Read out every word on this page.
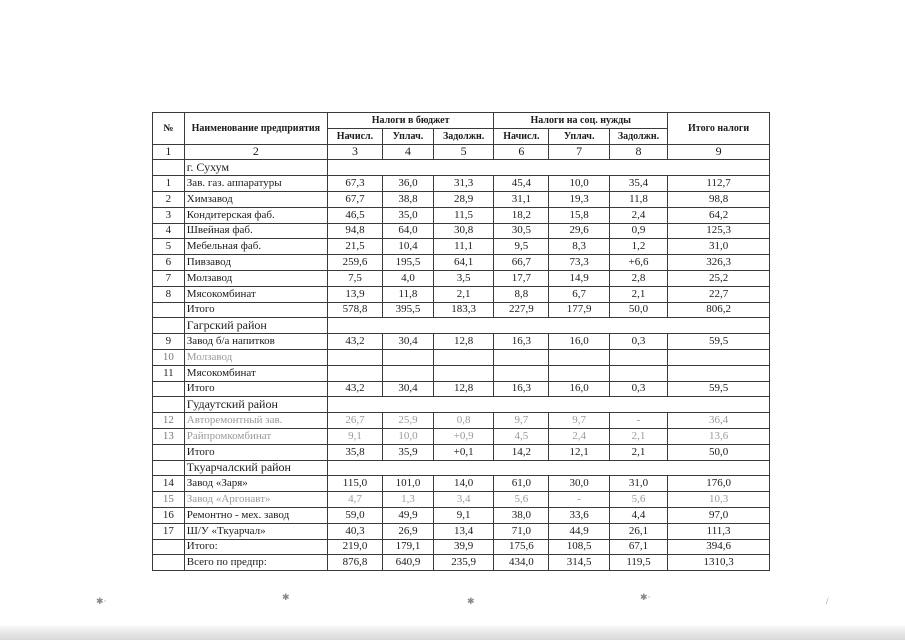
№	Наименование предприятия	Налоги в бюджет			Налоги на соц. нужды			Итого налоги
		Начисл.	Уплач.	Задолжн.	Начисл.	Уплач.	Задолжн.	
1	2	3	4	5	6	7	8	9
	г. Сухум							
1	Зав. газ. аппаратуры	67,3	36,0	31,3	45,4	10,0	35,4	112,7
2	Химзавод	67,7	38,8	28,9	31,1	19,3	11,8	98,8
3	Кондитерская фаб.	46,5	35,0	11,5	18,2	15,8	2,4	64,2
4	Швейная фаб.	94,8	64,0	30,8	30,5	29,6	0,9	125,3
5	Мебельная фаб.	21,5	10,4	11,1	9,5	8,3	1,2	31,0
6	Пивзавод	259,6	195,5	64,1	66,7	73,3	+6,6	326,3
7	Молзавод	7,5	4,0	3,5	17,7	14,9	2,8	25,2
8	Мясокомбинат	13,9	11,8	2,1	8,8	6,7	2,1	22,7
	Итого	578,8	395,5	183,3	227,9	177,9	50,0	806,2
	Гагрский район							
9	Завод б/а напитков	43,2	30,4	12,8	16,3	16,0	0,3	59,5
10	Молзавод							
11	Мясокомбинат							
	Итого	43,2	30,4	12,8	16,3	16,0	0,3	59,5
	Гудаутский район							
12	Авторемонтный зав.	26,7	25,9	0,8	9,7	9,7	-	36,4
13	Райпромкомбинат	9,1	10,0	+0,9	4,5	2,4	2,1	13,6
	Итого	35,8	35,9	+0,1	14,2	12,1	2,1	50,0
	Ткуарчалский район							
14	Завод «Заря»	115,0	101,0	14,0	61,0	30,0	31,0	176,0
15	Завод «Аргонавт»	4,7	1,3	3,4	5,6	-	5,6	10,3
16	Ремонтно - мех. завод	59,0	49,9	9,1	38,0	33,6	4,4	97,0
17	Ш/У «Ткуарчал»	40,3	26,9	13,4	71,0	44,9	26,1	111,3
	Итого:	219,0	179,1	39,9	175,6	108,5	67,1	394,6
	Всего по предпр:	876,8	640,9	235,9	434,0	314,5	119,5	1310,3
✱·	✱	✱	✱·	/
